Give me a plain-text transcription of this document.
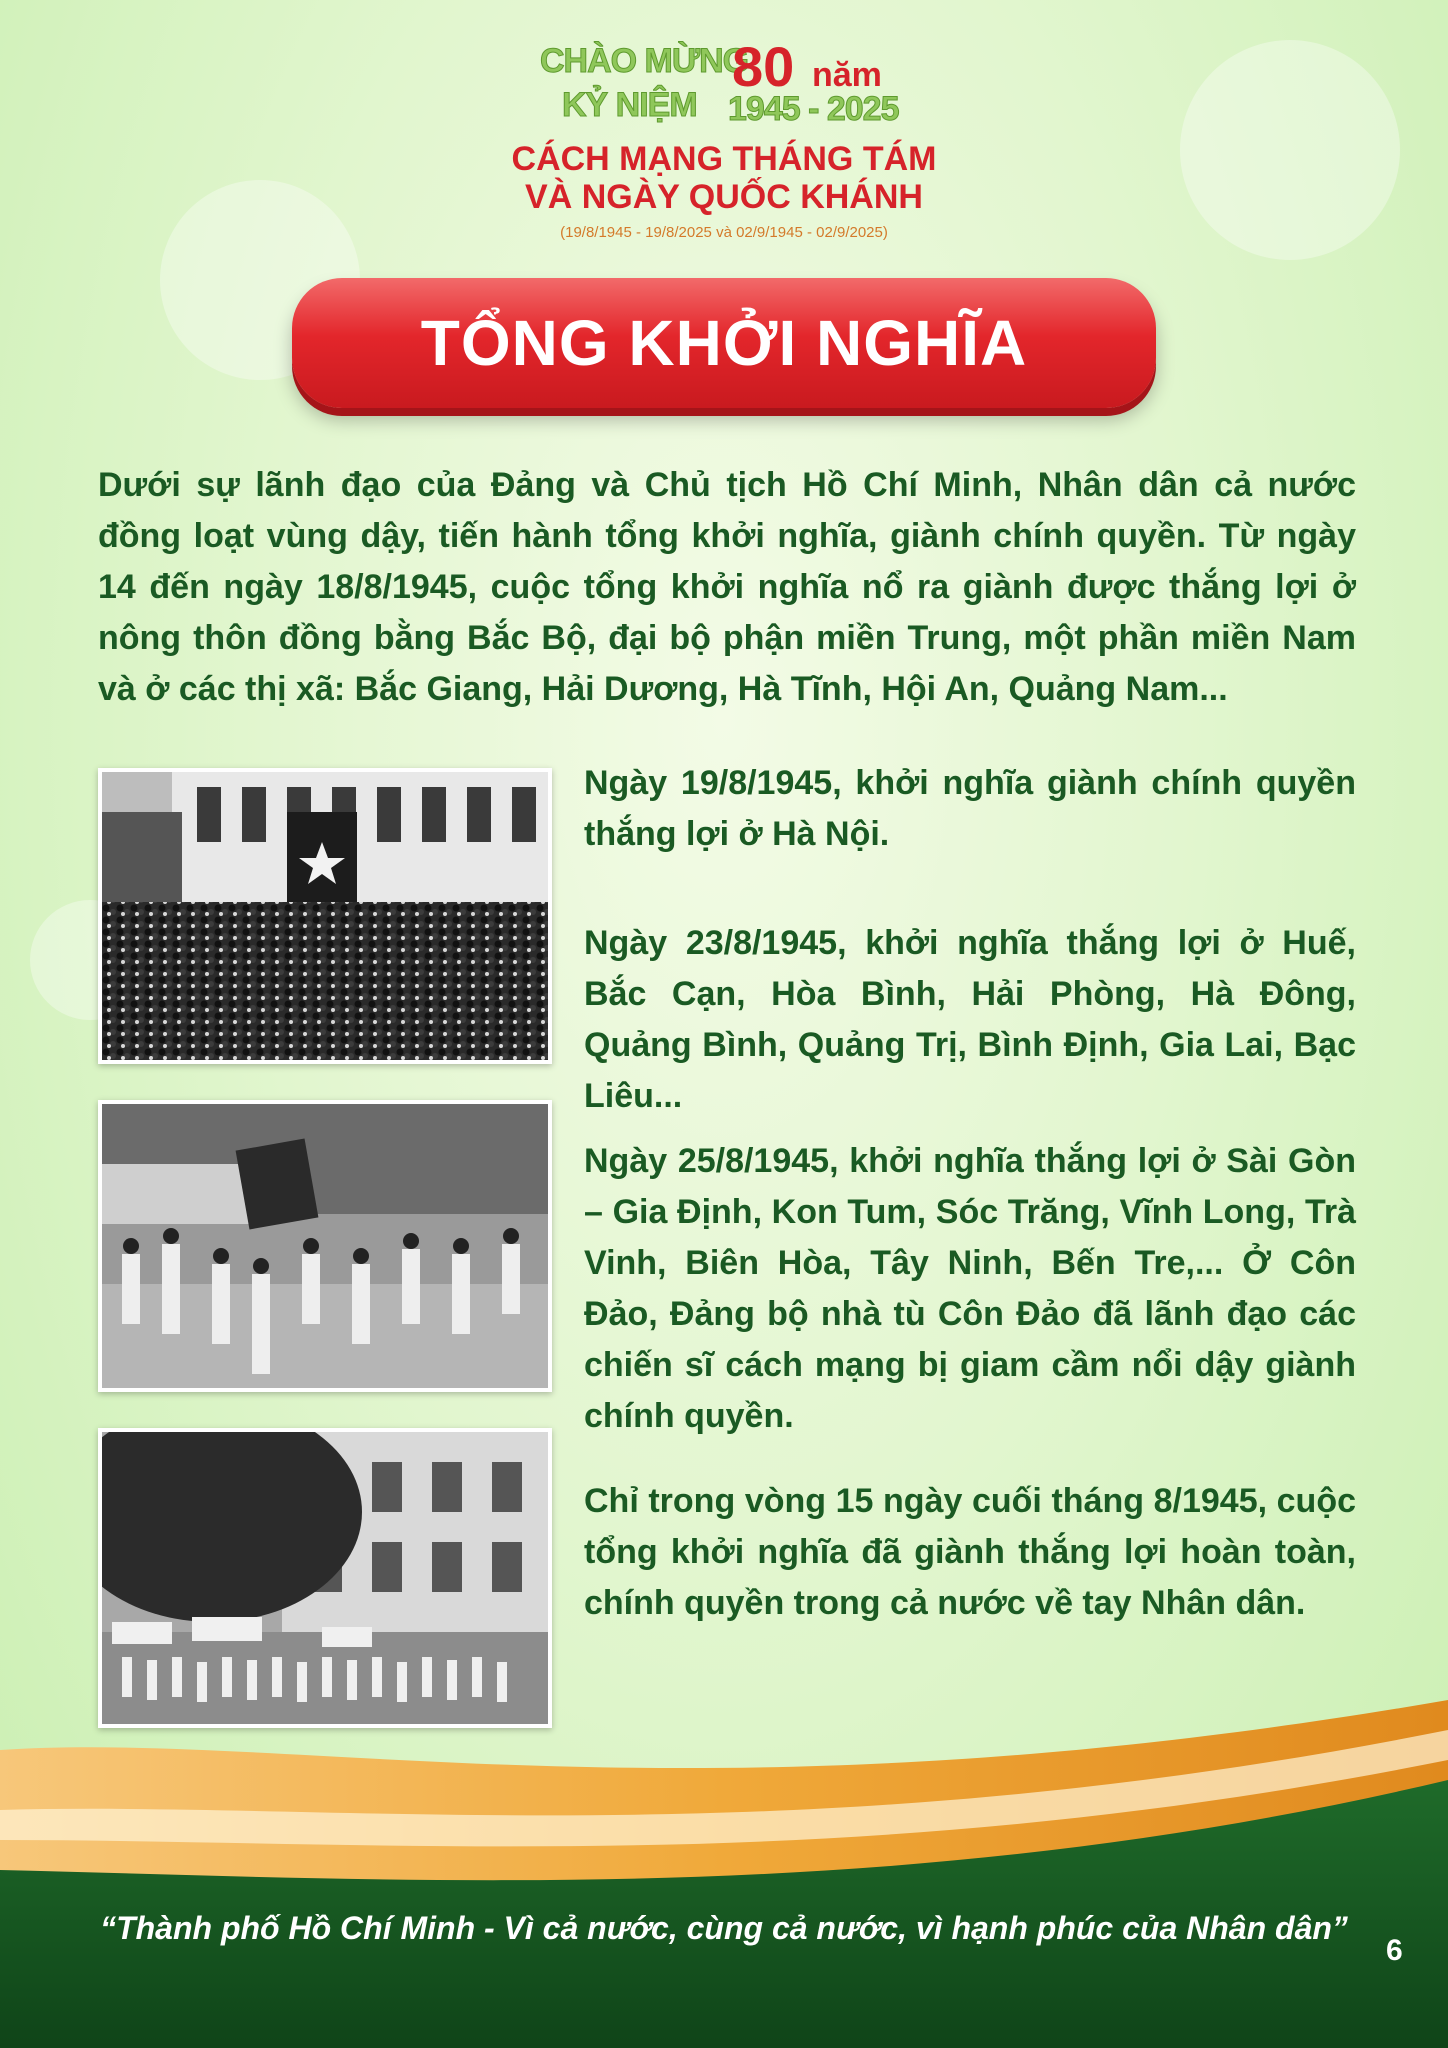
CHÀO MỪNG
KỶ NIỆM
80 năm
1945 - 2025
CÁCH MẠNG THÁNG TÁM
VÀ NGÀY QUỐC KHÁNH
(19/8/1945 - 19/8/2025 và 02/9/1945 - 02/9/2025)
TỔNG KHỞI NGHĨA
Dưới sự lãnh đạo của Đảng và Chủ tịch Hồ Chí Minh, Nhân dân cả nước đồng loạt vùng dậy, tiến hành tổng khởi nghĩa, giành chính quyền. Từ ngày 14 đến ngày 18/8/1945, cuộc tổng khởi nghĩa nổ ra giành được thắng lợi ở nông thôn đồng bằng Bắc Bộ, đại bộ phận miền Trung, một phần miền Nam và ở các thị xã: Bắc Giang, Hải Dương, Hà Tĩnh, Hội An, Quảng Nam...
Ngày 19/8/1945, khởi nghĩa giành chính quyền thắng lợi ở Hà Nội.
Ngày 23/8/1945, khởi nghĩa thắng lợi ở Huế, Bắc Cạn, Hòa Bình, Hải Phòng, Hà Đông, Quảng Bình, Quảng Trị, Bình Định, Gia Lai, Bạc Liêu...
Ngày 25/8/1945, khởi nghĩa thắng lợi ở Sài Gòn – Gia Định, Kon Tum, Sóc Trăng, Vĩnh Long, Trà Vinh, Biên Hòa, Tây Ninh, Bến Tre,... Ở Côn Đảo, Đảng bộ nhà tù Côn Đảo đã lãnh đạo các chiến sĩ cách mạng bị giam cầm nổi dậy giành chính quyền.
Chỉ trong vòng 15 ngày cuối tháng 8/1945, cuộc tổng khởi nghĩa đã giành thắng lợi hoàn toàn, chính quyền trong cả nước về tay Nhân dân.
“Thành phố Hồ Chí Minh - Vì cả nước, cùng cả nước, vì hạnh phúc của Nhân dân”
6
